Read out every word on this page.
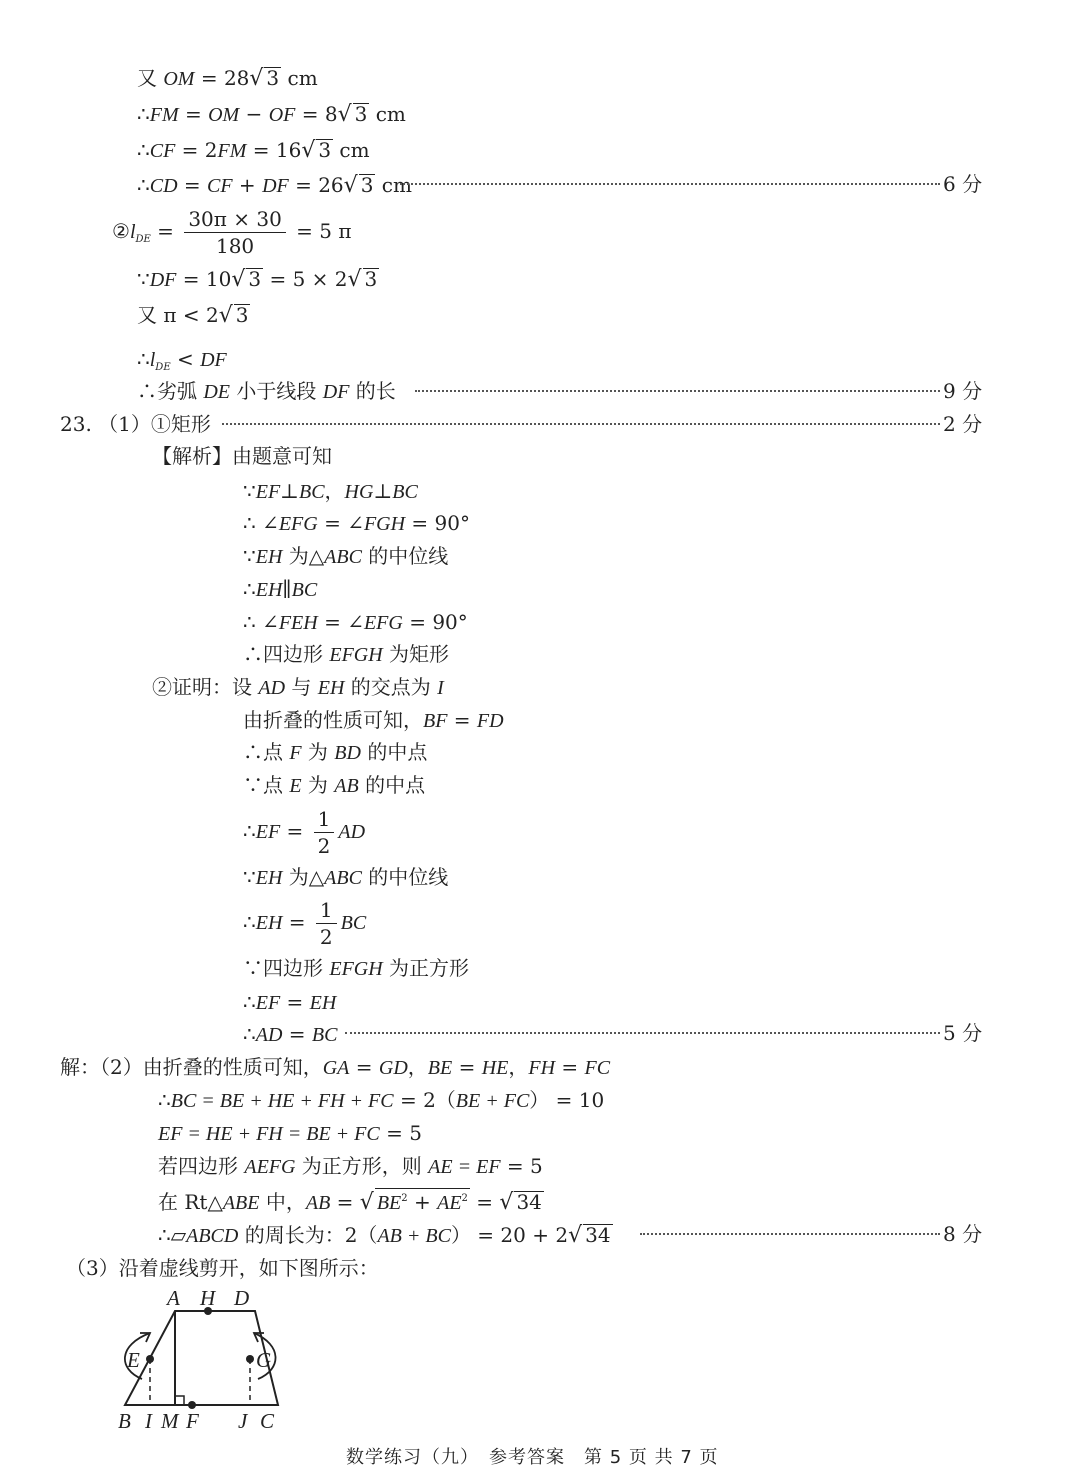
又 OM = 28√ 3 cm
∴FM = OM − OF = 8√ 3 cm
∴CF = 2FM = 16√ 3 cm
∴CD = CF + DF = 26√ 3 cm	6 分
$②l_{DE} = \frac{30\pi \times 30}{180} = 5$ π
∵DF = 10√ 3 = 5 × 2√ 3
又 π < 2√ 3
$\therefore l_{DE}$ < DF
∴劣弧 DE 小于线段 DF 的长	9 分
23. （1）①矩形	2 分
【解析】由题意可知
∵EF⊥BC，HG⊥BC
∴ ∠EFG = ∠FGH = 90°
∵EH 为△ABC 的中位线
∴EH∥BC
∴ ∠FEH = ∠EFG = 90°
∴四边形 EFGH 为矩形
②证明：设 AD 与 EH 的交点为 I
由折叠的性质可知，BF = FD
∴点 F 为 BD 的中点
∵点 E 为 AB 的中点
∴EF = $\frac{1}{2}$ AD
∵EH 为△ABC 的中位线
∴EH = $\frac{1}{2}$ BC
∵四边形 EFGH 为正方形
∴EF = EH
∴AD = BC	5 分
解：（2）由折叠的性质可知，GA = GD，BE = HE，FH = FC
∴BC = BE + HE + FH + FC = 2（BE + FC） = 10
EF = HE + FH = BE + FC = 5
若四边形 AEFG 为正方形，则 AE = EF = 5
在 Rt△ABE 中，AB = √ $BE^2 + AE^2$ = √ 34
∴▱ABCD 的周长为：2（AB + BC） = 20 + 2√ 34	8 分
（3）沿着虚线剪开，如下图所示：
A H D
E	G
B I M F J C
数学练习（九）　参考答案　第 5 页 共 7 页
